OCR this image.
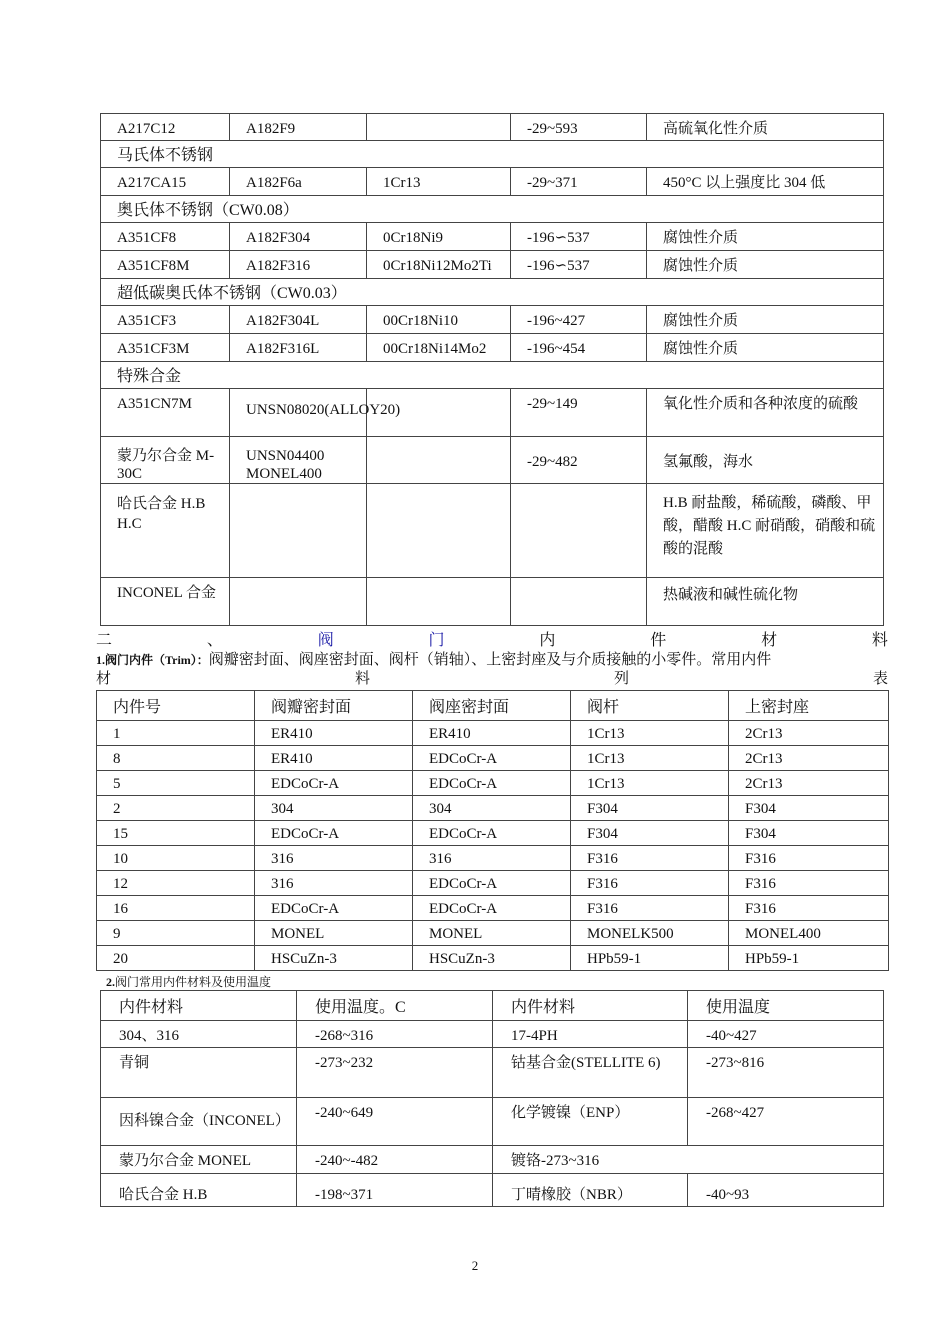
A217C12	A182F9		-29~593	高硫氧化性介质
马氏体不锈钢				
A217CA15	A182F6a	1Cr13	-29~371	450°C 以上强度比 304 低
奥氏体不锈钢（CW0.08）				
A351CF8	A182F304	0Cr18Ni9	-196∽537	腐蚀性介质
A351CF8M	A182F316	0Cr18Ni12Mo2Ti	-196∽537	腐蚀性介质
超低碳奥氏体不锈钢（CW0.03）				
A351CF3	A182F304L	00Cr18Ni10	-196~427	腐蚀性介质
A351CF3M	A182F316L	00Cr18Ni14Mo2	-196~454	腐蚀性介质
特殊合金				
A351CN7M	UNSN08020(ALLOY20)		-29~149	氧化性介质和各种浓度的硫酸
蒙乃尔合金 M-30C	UNSN04400 MONEL400		-29~482	氢氟酸，海水
哈氏合金 H.B H.C				H.B 耐盐酸，稀硫酸，磷酸、甲酸，醋酸 H.C 耐硝酸，硝酸和硫酸的混酸
INCONEL 合金				热碱液和碱性硫化物
二	、	阀	门	内	件	材	料
1.阀门内件（Trim）：阀瓣密封面、阀座密封面、阀杆（销轴）、上密封座及与介质接触的小零件。常用内件
材	料	列	表
内件号	阀瓣密封面	阀座密封面	阀杆	上密封座
1	ER410	ER410	1Cr13	2Cr13
8	ER410	EDCoCr-A	1Cr13	2Cr13
5	EDCoCr-A	EDCoCr-A	1Cr13	2Cr13
2	304	304	F304	F304
15	EDCoCr-A	EDCoCr-A	F304	F304
10	316	316	F316	F316
12	316	EDCoCr-A	F316	F316
16	EDCoCr-A	EDCoCr-A	F316	F316
9	MONEL	MONEL	MONELK500	MONEL400
20	HSCuZn-3	HSCuZn-3	HPb59-1	HPb59-1
2.阀门常用内件材料及使用温度
内件材料	使用温度。C	内件材料	使用温度
304、316	-268~316	17-4PH	-40~427
青铜	-273~232	钴基合金(STELLITE 6)	-273~816
因科镍合金（INCONEL）	-240~649	化学镀镍（ENP）	-268~427
蒙乃尔合金 MONEL	-240~-482	镀铬-273~316	
哈氏合金 H.B	-198~371	丁晴橡胶（NBR）	-40~93
2
